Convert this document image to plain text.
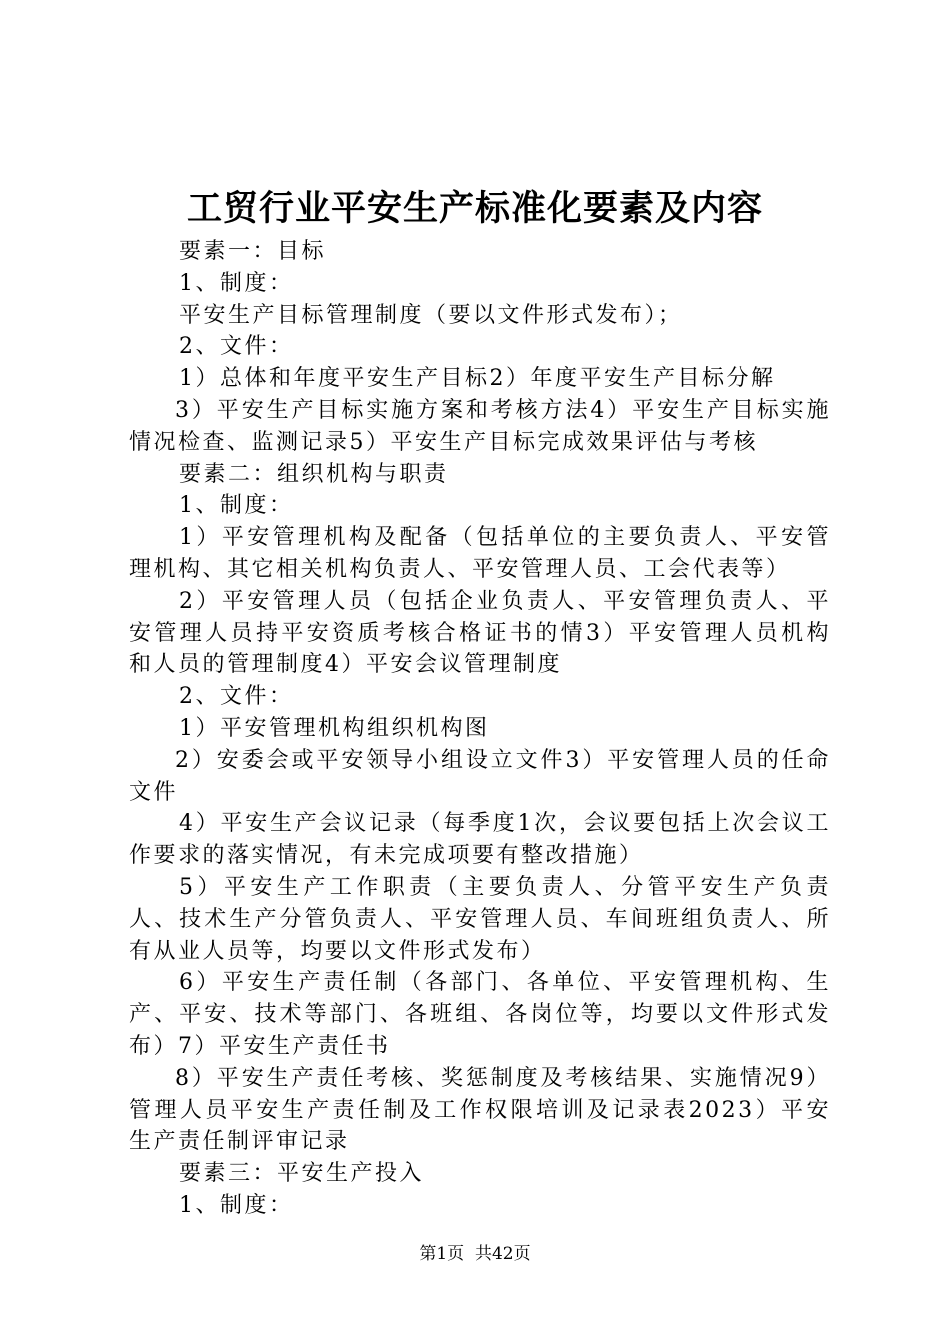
工贸行业平安生产标准化要素及内容

要素一：目标

1、制度：

平安生产目标管理制度（要以文件形式发布）；

2、文件：

1）总体和年度平安生产目标2）年度平安生产目标分解

3）平安生产目标实施方案和考核方法4）平安生产目标实施情况检查、监测记录5）平安生产目标完成效果评估与考核

要素二：组织机构与职责

1、制度：

1）平安管理机构及配备（包括单位的主要负责人、平安管理机构、其它相关机构负责人、平安管理人员、工会代表等）

2）平安管理人员（包括企业负责人、平安管理负责人、平安管理人员持平安资质考核合格证书的情3）平安管理人员机构和人员的管理制度4）平安会议管理制度

2、文件：

1）平安管理机构组织机构图

2）安委会或平安领导小组设立文件3）平安管理人员的任命文件

4）平安生产会议记录（每季度1次，会议要包括上次会议工作要求的落实情况，有未完成项要有整改措施）

5）平安生产工作职责（主要负责人、分管平安生产负责人、技术生产分管负责人、平安管理人员、车间班组负责人、所有从业人员等，均要以文件形式发布）

6）平安生产责任制（各部门、各单位、平安管理机构、生产、平安、技术等部门、各班组、各岗位等，均要以文件形式发布）7）平安生产责任书

8）平安生产责任考核、奖惩制度及考核结果、实施情况9）管理人员平安生产责任制及工作权限培训及记录表2023）平安生产责任制评审记录

要素三：平安生产投入

1、制度：

第1页  共42页
